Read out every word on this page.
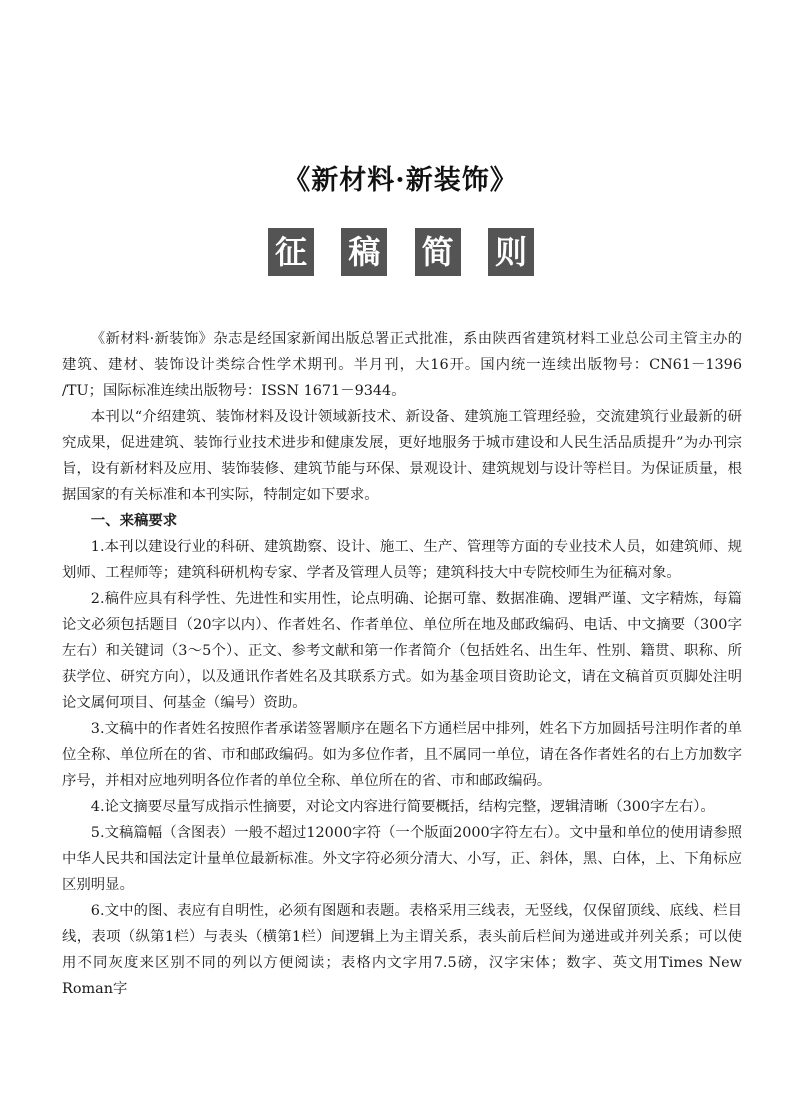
《新材料·新装饰》
征 稿 简 则

《新材料·新装饰》杂志是经国家新闻出版总署正式批准，系由陕西省建筑材料工业总公司主管主办的建筑、建材、装饰设计类综合性学术期刊。半月刊，大16开。国内统一连续出版物号：CN61－1396 /TU；国际标准连续出版物号：ISSN 1671－9344。

本刊以“介绍建筑、装饰材料及设计领域新技术、新设备、建筑施工管理经验，交流建筑行业最新的研究成果，促进建筑、装饰行业技术进步和健康发展，更好地服务于城市建设和人民生活品质提升”为办刊宗旨，设有新材料及应用、装饰装修、建筑节能与环保、景观设计、建筑规划与设计等栏目。为保证质量，根据国家的有关标准和本刊实际，特制定如下要求。

一、来稿要求

1.本刊以建设行业的科研、建筑勘察、设计、施工、生产、管理等方面的专业技术人员，如建筑师、规划师、工程师等；建筑科研机构专家、学者及管理人员等；建筑科技大中专院校师生为征稿对象。

2.稿件应具有科学性、先进性和实用性，论点明确、论据可靠、数据准确、逻辑严谨、文字精炼，每篇论文必须包括题目（20字以内）、作者姓名、作者单位、单位所在地及邮政编码、电话、中文摘要（300字左右）和关键词（3～5个）、正文、参考文献和第一作者简介（包括姓名、出生年、性别、籍贯、职称、所获学位、研究方向），以及通讯作者姓名及其联系方式。如为基金项目资助论文，请在文稿首页页脚处注明论文属何项目、何基金（编号）资助。

3.文稿中的作者姓名按照作者承诺签署顺序在题名下方通栏居中排列，姓名下方加圆括号注明作者的单位全称、单位所在的省、市和邮政编码。如为多位作者，且不属同一单位，请在各作者姓名的右上方加数字序号，并相对应地列明各位作者的单位全称、单位所在的省、市和邮政编码。

4.论文摘要尽量写成指示性摘要，对论文内容进行简要概括，结构完整，逻辑清晰（300字左右）。

5.文稿篇幅（含图表）一般不超过12000字符（一个版面2000字符左右）。文中量和单位的使用请参照中华人民共和国法定计量单位最新标准。外文字符必须分清大、小写，正、斜体，黑、白体，上、下角标应区别明显。

6.文中的图、表应有自明性，必须有图题和表题。表格采用三线表，无竖线，仅保留顶线、底线、栏目线，表项（纵第1栏）与表头（横第1栏）间逻辑上为主谓关系，表头前后栏间为递进或并列关系；可以使用不同灰度来区别不同的列以方便阅读；表格内文字用7.5磅，汉字宋体；数字、英文用Times New Roman字
